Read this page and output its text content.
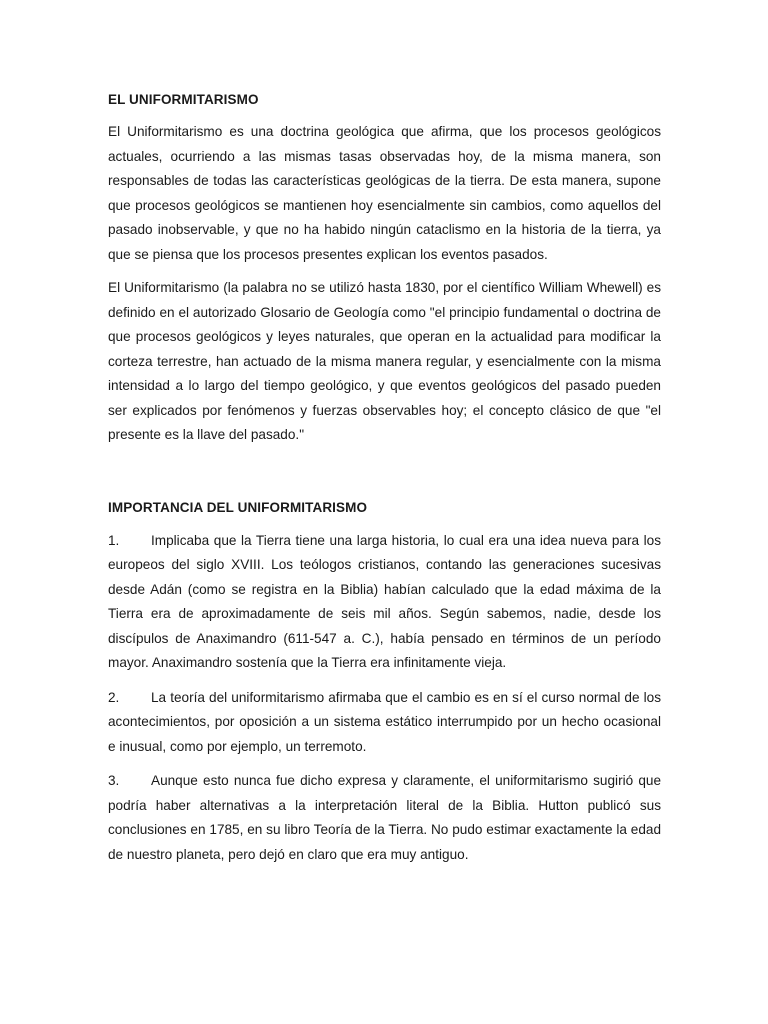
EL UNIFORMITARISMO

El Uniformitarismo es una doctrina geológica que afirma, que los procesos geológicos actuales, ocurriendo a las mismas tasas observadas hoy, de la misma manera, son responsables de todas las características geológicas de la tierra. De esta manera, supone que procesos geológicos se mantienen hoy esencialmente sin cambios, como aquellos del pasado inobservable, y que no ha habido ningún cataclismo en la historia de la tierra, ya que se piensa que los procesos presentes explican los eventos pasados.

El Uniformitarismo (la palabra no se utilizó hasta 1830, por el científico William Whewell) es definido en el autorizado Glosario de Geología como "el principio fundamental o doctrina de que procesos geológicos y leyes naturales, que operan en la actualidad para modificar la corteza terrestre, han actuado de la misma manera regular, y esencialmente con la misma intensidad a lo largo del tiempo geológico, y que eventos geológicos del pasado pueden ser explicados por fenómenos y fuerzas observables hoy; el concepto clásico de que "el presente es la llave del pasado."

IMPORTANCIA DEL UNIFORMITARISMO

1. Implicaba que la Tierra tiene una larga historia, lo cual era una idea nueva para los europeos del siglo XVIII. Los teólogos cristianos, contando las generaciones sucesivas desde Adán (como se registra en la Biblia) habían calculado que la edad máxima de la Tierra era de aproximadamente de seis mil años. Según sabemos, nadie, desde los discípulos de Anaximandro (611-547 a. C.), había pensado en términos de un período mayor. Anaximandro sostenía que la Tierra era infinitamente vieja.

2. La teoría del uniformitarismo afirmaba que el cambio es en sí el curso normal de los acontecimientos, por oposición a un sistema estático interrumpido por un hecho ocasional e inusual, como por ejemplo, un terremoto.

3. Aunque esto nunca fue dicho expresa y claramente, el uniformitarismo sugirió que podría haber alternativas a la interpretación literal de la Biblia. Hutton publicó sus conclusiones en 1785, en su libro Teoría de la Tierra. No pudo estimar exactamente la edad de nuestro planeta, pero dejó en claro que era muy antiguo.
